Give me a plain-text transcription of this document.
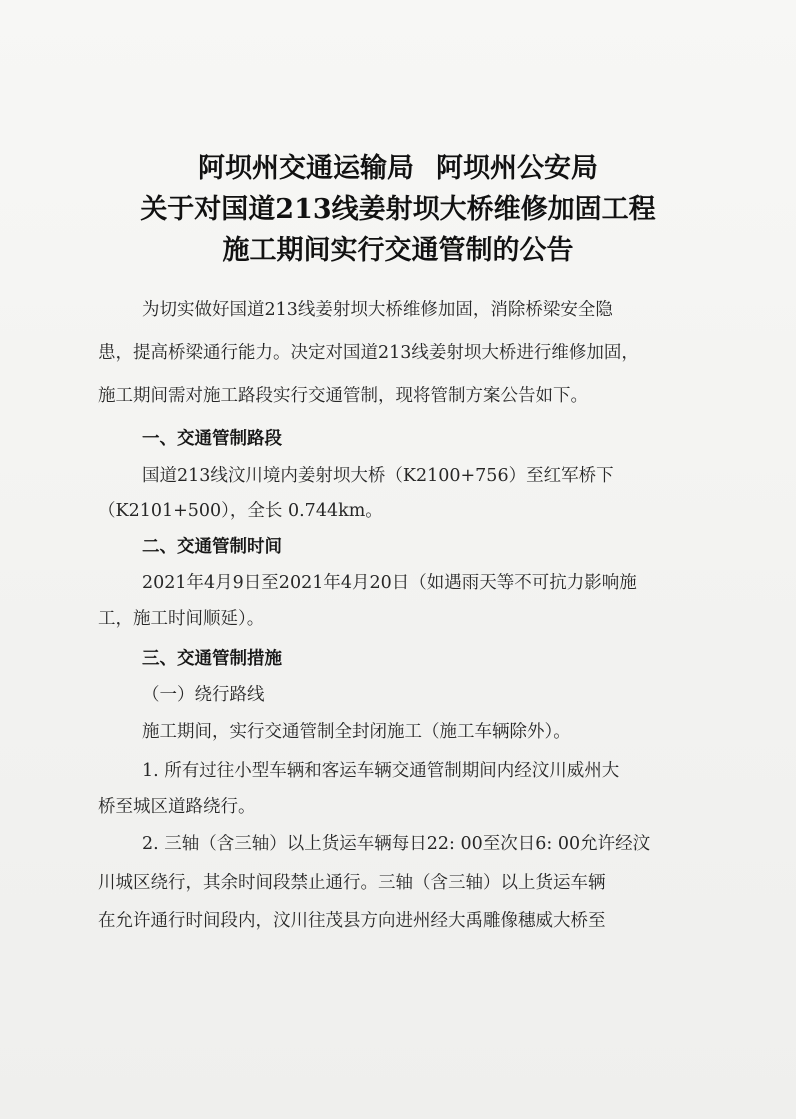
阿坝州交通运输局 阿坝州公安局
关于对国道213线姜射坝大桥维修加固工程
施工期间实行交通管制的公告
为切实做好国道213线姜射坝大桥维修加固，消除桥梁安全隐
患，提高桥梁通行能力。决定对国道213线姜射坝大桥进行维修加固，
施工期间需对施工路段实行交通管制，现将管制方案公告如下。
一、交通管制路段
国道213线汶川境内姜射坝大桥（K2100+756）至红军桥下
（K2101+500），全长 0.744km。
二、交通管制时间
2021年4月9日至2021年4月20日（如遇雨天等不可抗力影响施
工，施工时间顺延）。
三、交通管制措施
（一）绕行路线
施工期间，实行交通管制全封闭施工（施工车辆除外）。
1. 所有过往小型车辆和客运车辆交通管制期间内经汶川威州大
桥至城区道路绕行。
2. 三轴（含三轴）以上货运车辆每日22: 00至次日6: 00允许经汶
川城区绕行，其余时间段禁止通行。三轴（含三轴）以上货运车辆
在允许通行时间段内，汶川往茂县方向进州经大禹雕像穗威大桥至
